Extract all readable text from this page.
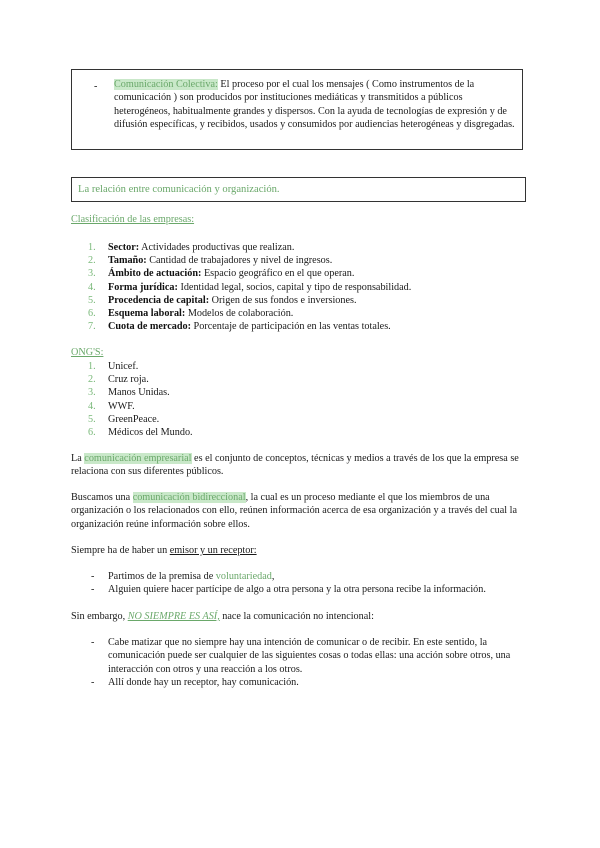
- Comunicación Colectiva: El proceso por el cual los mensajes ( Como instrumentos de la comunicación ) son producidos por instituciones mediáticas y transmitidos a públicos heterogéneos, habitualmente grandes y dispersos. Con la ayuda de tecnologías de expresión y de difusión específicas, y recibidos, usados y consumidos por audiencias heterogéneas y disgregadas.
La relación entre comunicación y organización.
Clasificación de las empresas:
1. Sector: Actividades productivas que realizan.
2. Tamaño: Cantidad de trabajadores y nivel de ingresos.
3. Ámbito de actuación: Espacio geográfico en el que operan.
4. Forma jurídica: Identidad legal, socios, capital y tipo de responsabilidad.
5. Procedencia de capital: Origen de sus fondos e inversiones.
6. Esquema laboral: Modelos de colaboración.
7. Cuota de mercado: Porcentaje de participación en las ventas totales.
ONG'S:
1. Unicef.
2. Cruz roja.
3. Manos Unidas.
4. WWF.
5. GreenPeace.
6. Médicos del Mundo.
La comunicación empresarial es el conjunto de conceptos, técnicas y medios a través de los que la empresa se relaciona con sus diferentes públicos.
Buscamos una comunicación bidireccional, la cual es un proceso mediante el que los miembros de una organización o los relacionados con ello, reúnen información acerca de esa organización y a través del cual la organización reúne información sobre ellos.
Siempre ha de haber un emisor y un receptor:
- Partimos de la premisa de voluntariedad,
- Alguien quiere hacer partícipe de algo a otra persona y la otra persona recibe la información.
Sin embargo, NO SIEMPRE ES ASÍ, nace la comunicación no intencional:
- Cabe matizar que no siempre hay una intención de comunicar o de recibir. En este sentido, la comunicación puede ser cualquier de las siguientes cosas o todas ellas: una acción sobre otros, una interacción con otros y una reacción a los otros.
- Allí donde hay un receptor, hay comunicación.
